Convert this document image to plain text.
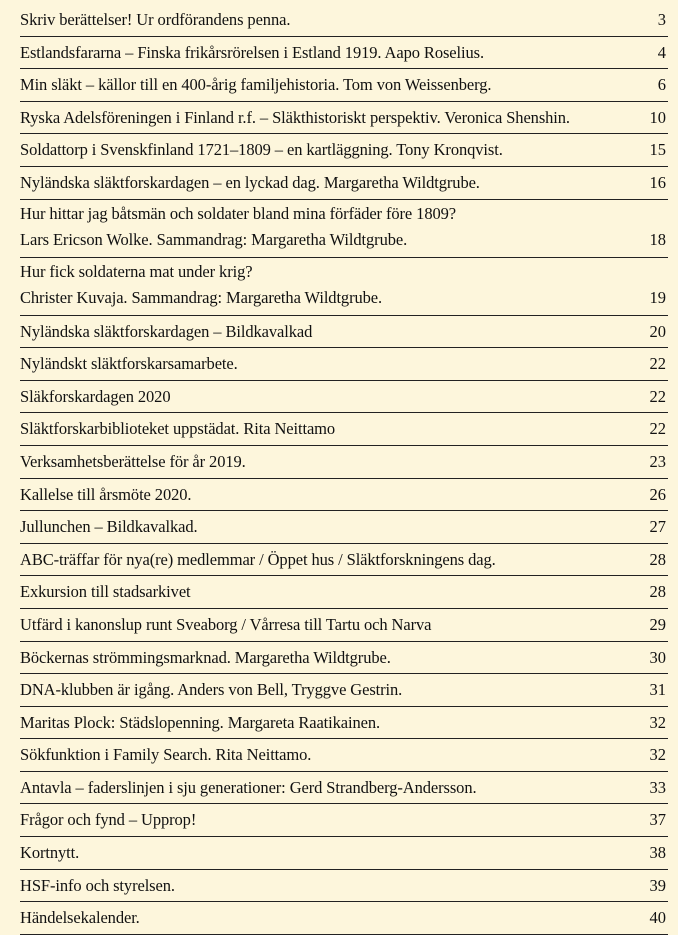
Skriv berättelser! Ur ordförandens penna.	3
Estlandsfararna – Finska frikårsrörelsen i Estland 1919. Aapo Roselius.	4
Min släkt – källor till en 400-årig familjehistoria. Tom von Weissenberg.	6
Ryska Adelsföreningen i Finland r.f. – Släkthistoriskt perspektiv. Veronica Shenshin.	10
Soldattorp i Svenskfinland 1721–1809 – en kartläggning. Tony Kronqvist.	15
Nyländska släktforskardagen – en lyckad dag. Margaretha Wildtgrube.	16
Hur hittar jag båtsmän och soldater bland mina förfäder före 1809?
Lars Ericson Wolke. Sammandrag: Margaretha Wildtgrube.	18
Hur fick soldaterna mat under krig?
Christer Kuvaja. Sammandrag: Margaretha Wildtgrube.	19
Nyländska släktforskardagen – Bildkavalkad	20
Nyländskt släktforskarsamarbete.	22
Släkforskardagen 2020	22
Släktforskarbiblioteket uppstädat. Rita Neittamo	22
Verksamhetsberättelse för år 2019.	23
Kallelse till årsmöte 2020.	26
Jullunchen – Bildkavalkad.	27
ABC-träffar för nya(re) medlemmar / Öppet hus / Släktforskningens dag.	28
Exkursion till stadsarkivet	28
Utfärd i kanonslup runt Sveaborg / Vårresa till Tartu och Narva	29
Böckernas strömmingsmarknad. Margaretha Wildtgrube.	30
DNA-klubben är igång. Anders von Bell, Tryggve Gestrin.	31
Maritas Plock: Städslopenning. Margareta Raatikainen.	32
Sökfunktion i Family Search. Rita Neittamo.	32
Antavla – faderslinjen i sju generationer: Gerd Strandberg-Andersson.	33
Frågor och fynd – Upprop!	37
Kortnytt.	38
HSF-info och styrelsen.	39
Händelsekalender.	40
